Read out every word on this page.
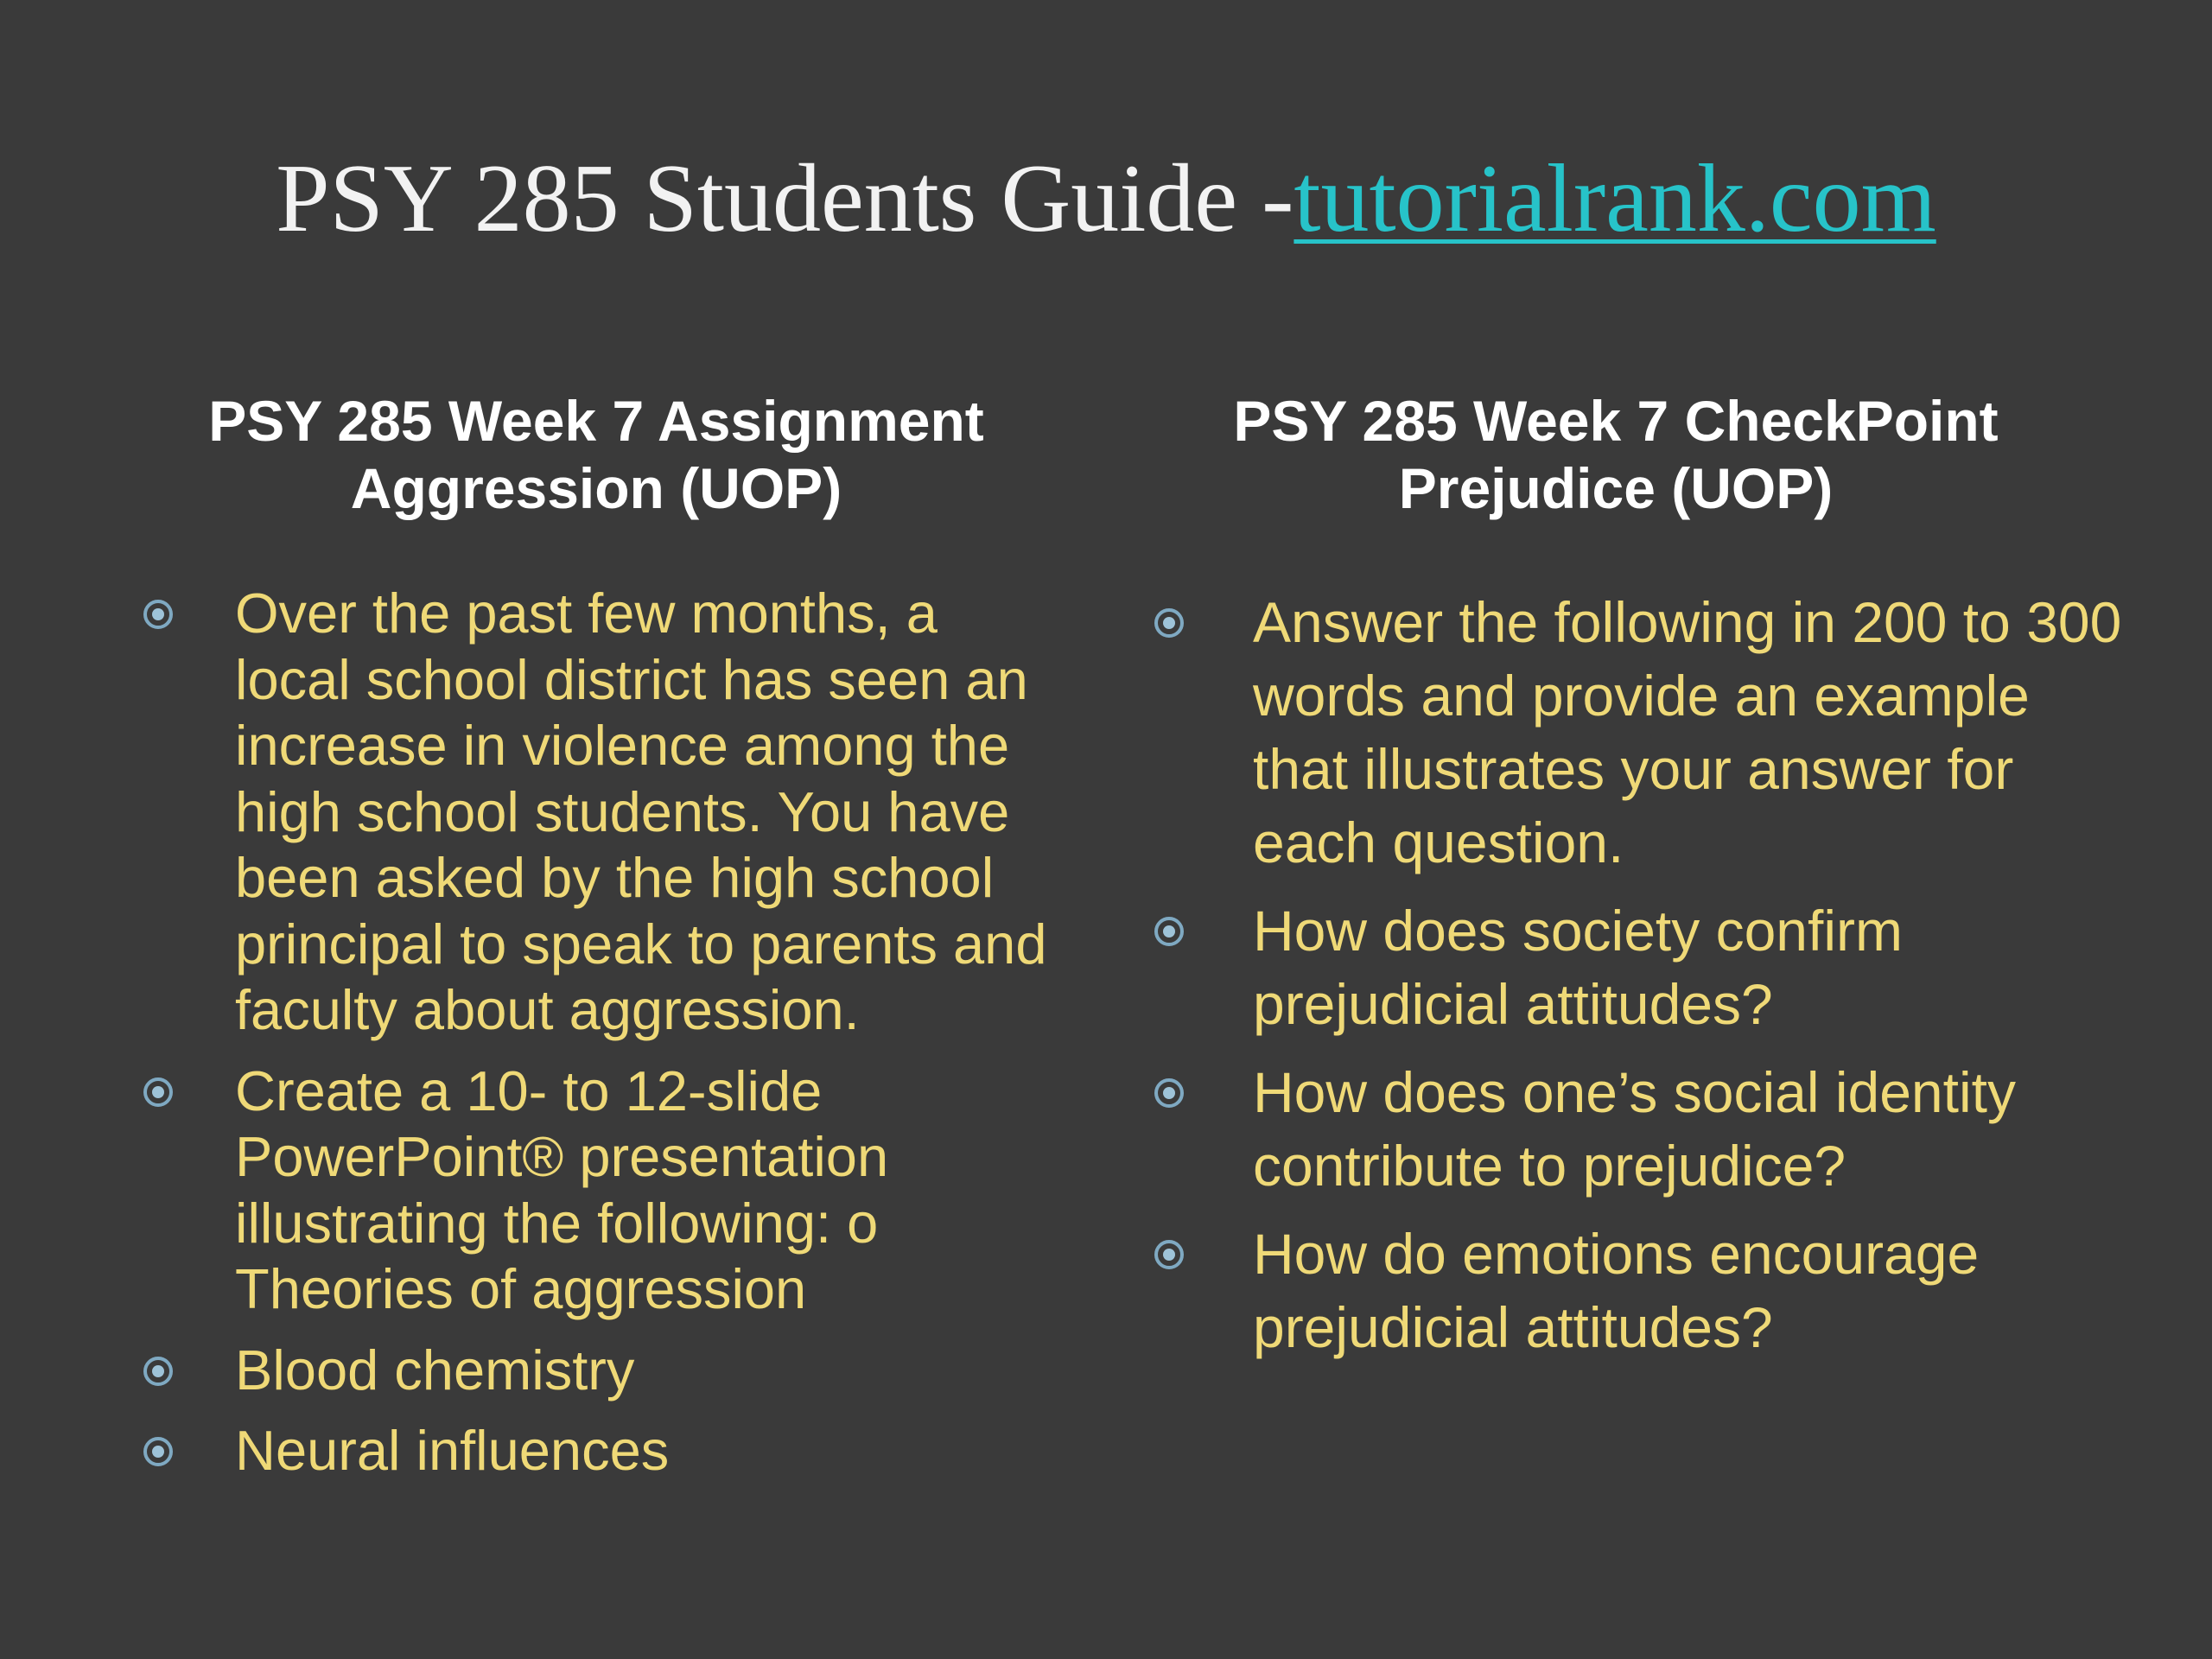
PSY 285 Students Guide -tutorialrank.com
PSY 285 Week 7 Assignment
Aggression (UOP)
Over the past few months, a local school district has seen an increase in violence among the high school students. You have been asked by the high school principal to speak to parents and faculty about aggression.
Create a 10- to 12-slide PowerPoint® presentation illustrating the following: o Theories of aggression
Blood chemistry
Neural influences
PSY 285 Week 7 CheckPoint
Prejudice (UOP)
Answer the following in 200 to 300 words and provide an example that illustrates your answer for each question.
How does society confirm prejudicial attitudes?
How does one’s social identity contribute to prejudice?
How do emotions encourage prejudicial attitudes?
